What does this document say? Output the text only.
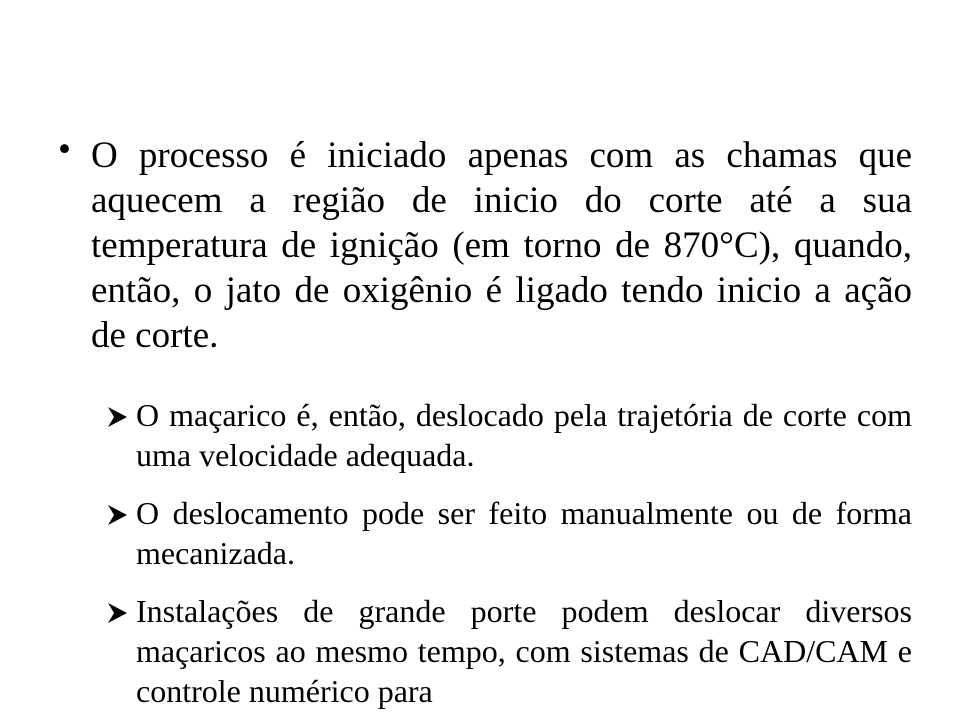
• O processo é iniciado apenas com as chamas que aquecem a região de inicio do corte até a sua temperatura de ignição (em torno de 870°C), quando, então, o jato de oxigênio é ligado tendo inicio a ação de corte.

O maçarico é, então, deslocado pela trajetória de corte com uma velocidade adequada.

O deslocamento pode ser feito manualmente ou de forma mecanizada.

Instalações de grande porte podem deslocar diversos maçaricos ao mesmo tempo, com sistemas de CAD/CAM e controle numérico para
